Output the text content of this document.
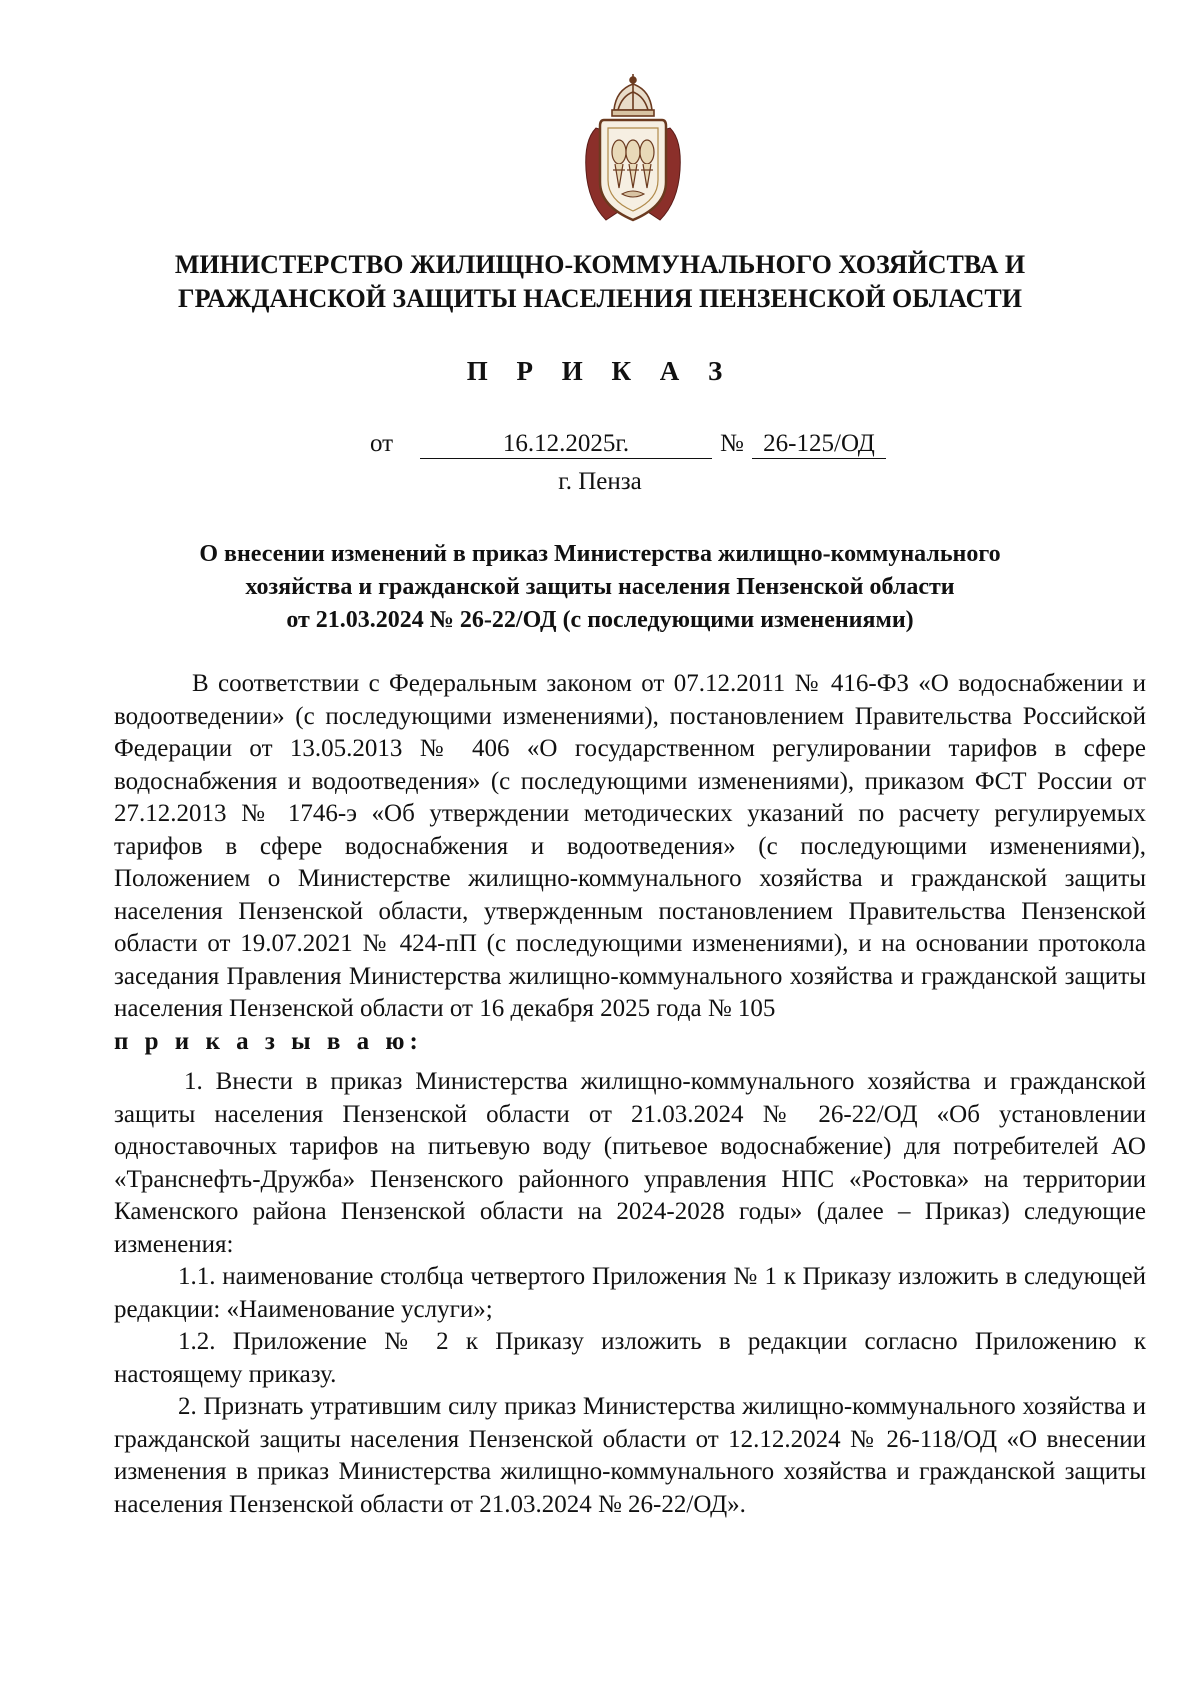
МИНИСТЕРСТВО ЖИЛИЩНО-КОММУНАЛЬНОГО ХОЗЯЙСТВА И
ГРАЖДАНСКОЙ ЗАЩИТЫ НАСЕЛЕНИЯ ПЕНЗЕНСКОЙ ОБЛАСТИ
П Р И К А З
от	16.12.2025г.	№ 26-125/ОД
г. Пенза
О внесении изменений в приказ Министерства жилищно-коммунального
хозяйства и гражданской защиты населения Пензенской области
от 21.03.2024 № 26-22/ОД (с последующими изменениями)

В соответствии с Федеральным законом от 07.12.2011 № 416-ФЗ «О водоснабжении и водоотведении» (с последующими изменениями), постановлением Правительства Российской Федерации от 13.05.2013 № 406 «О государственном регулировании тарифов в сфере водоснабжения и водоотведения» (с последующими изменениями), приказом ФСТ России от 27.12.2013 № 1746-э «Об утверждении методических указаний по расчету регулируемых тарифов в сфере водоснабжения и водоотведения» (с последующими изменениями), Положением о Министерстве жилищно-коммунального хозяйства и гражданской защиты населения Пензенской области, утвержденным постановлением Правительства Пензенской области от 19.07.2021 № 424-пП (с последующими изменениями), и на основании протокола заседания Правления Министерства жилищно-коммунального хозяйства и гражданской защиты населения Пензенской области от 16 декабря 2025 года № 105

п р и к а з ы в а ю:

1. Внести в приказ Министерства жилищно-коммунального хозяйства и гражданской защиты населения Пензенской области от 21.03.2024 № 26-22/ОД «Об установлении одноставочных тарифов на питьевую воду (питьевое водоснабжение) для потребителей АО «Транснефть-Дружба» Пензенского районного управления НПС «Ростовка» на территории Каменского района Пензенской области на 2024-2028 годы» (далее – Приказ) следующие изменения:

1.1. наименование столбца четвертого Приложения № 1 к Приказу изложить в следующей редакции: «Наименование услуги»;

1.2. Приложение № 2 к Приказу изложить в редакции согласно Приложению к настоящему приказу.

2. Признать утратившим силу приказ Министерства жилищно-коммунального хозяйства и гражданской защиты населения Пензенской области от 12.12.2024 № 26-118/ОД «О внесении изменения в приказ Министерства жилищно-коммунального хозяйства и гражданской защиты населения Пензенской области от 21.03.2024 № 26-22/ОД».
